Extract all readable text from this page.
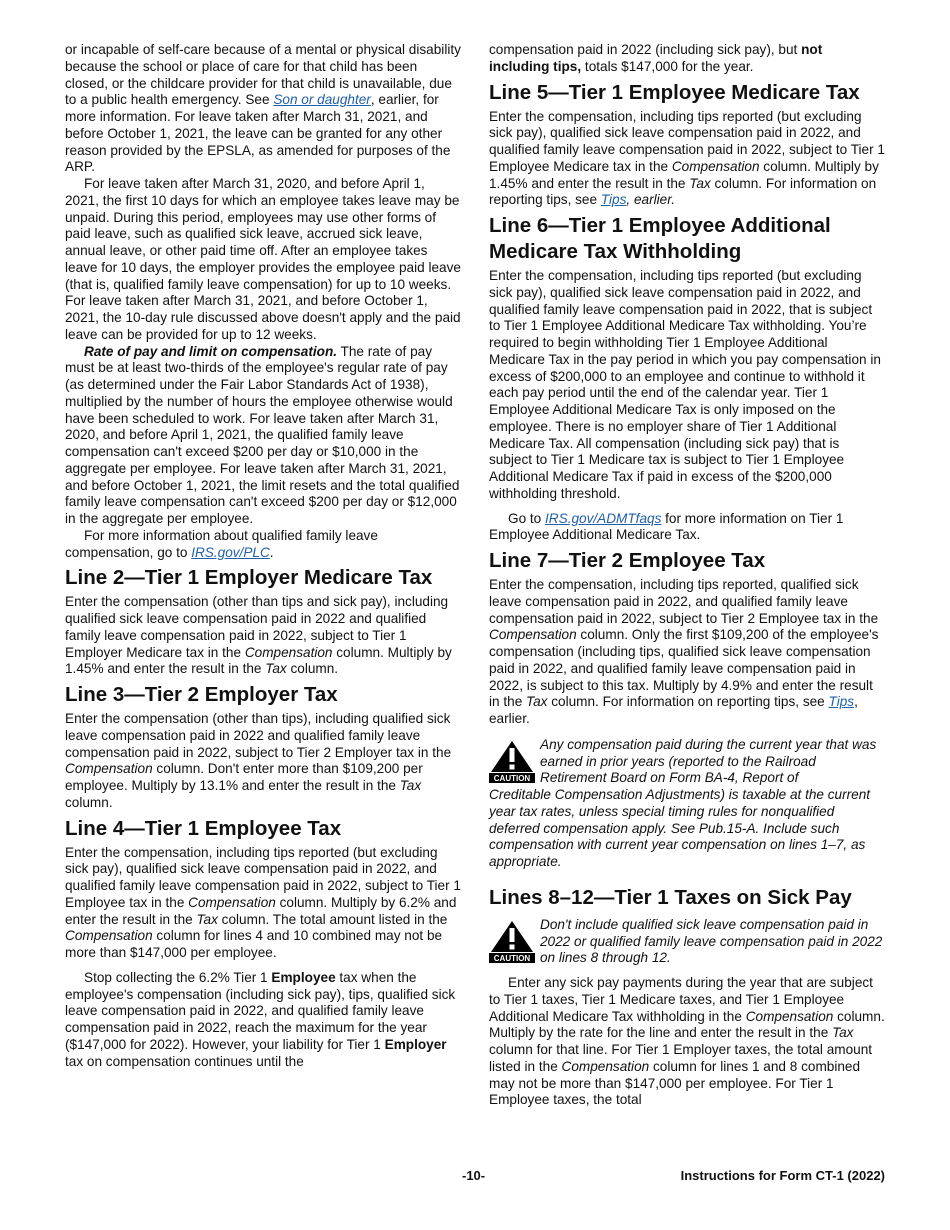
or incapable of self-care because of a mental or physical disability because the school or place of care for that child has been closed, or the childcare provider for that child is unavailable, due to a public health emergency. See Son or daughter, earlier, for more information. For leave taken after March 31, 2021, and before October 1, 2021, the leave can be granted for any other reason provided by the EPSLA, as amended for purposes of the ARP.

For leave taken after March 31, 2020, and before April 1, 2021, the first 10 days for which an employee takes leave may be unpaid. During this period, employees may use other forms of paid leave, such as qualified sick leave, accrued sick leave, annual leave, or other paid time off. After an employee takes leave for 10 days, the employer provides the employee paid leave (that is, qualified family leave compensation) for up to 10 weeks. For leave taken after March 31, 2021, and before October 1, 2021, the 10-day rule discussed above doesn't apply and the paid leave can be provided for up to 12 weeks.

Rate of pay and limit on compensation. The rate of pay must be at least two-thirds of the employee's regular rate of pay (as determined under the Fair Labor Standards Act of 1938), multiplied by the number of hours the employee otherwise would have been scheduled to work. For leave taken after March 31, 2020, and before April 1, 2021, the qualified family leave compensation can't exceed $200 per day or $10,000 in the aggregate per employee. For leave taken after March 31, 2021, and before October 1, 2021, the limit resets and the total qualified family leave compensation can't exceed $200 per day or $12,000 in the aggregate per employee.

For more information about qualified family leave compensation, go to IRS.gov/PLC.

Line 2—Tier 1 Employer Medicare Tax

Enter the compensation (other than tips and sick pay), including qualified sick leave compensation paid in 2022 and qualified family leave compensation paid in 2022, subject to Tier 1 Employer Medicare tax in the Compensation column. Multiply by 1.45% and enter the result in the Tax column.

Line 3—Tier 2 Employer Tax

Enter the compensation (other than tips), including qualified sick leave compensation paid in 2022 and qualified family leave compensation paid in 2022, subject to Tier 2 Employer tax in the Compensation column. Don't enter more than $109,200 per employee. Multiply by 13.1% and enter the result in the Tax column.

Line 4—Tier 1 Employee Tax

Enter the compensation, including tips reported (but excluding sick pay), qualified sick leave compensation paid in 2022, and qualified family leave compensation paid in 2022, subject to Tier 1 Employee tax in the Compensation column. Multiply by 6.2% and enter the result in the Tax column. The total amount listed in the Compensation column for lines 4 and 10 combined may not be more than $147,000 per employee.

Stop collecting the 6.2% Tier 1 Employee tax when the employee's compensation (including sick pay), tips, qualified sick leave compensation paid in 2022, and qualified family leave compensation paid in 2022, reach the maximum for the year ($147,000 for 2022). However, your liability for Tier 1 Employer tax on compensation continues until the

compensation paid in 2022 (including sick pay), but not including tips, totals $147,000 for the year.

Line 5—Tier 1 Employee Medicare Tax

Enter the compensation, including tips reported (but excluding sick pay), qualified sick leave compensation paid in 2022, and qualified family leave compensation paid in 2022, subject to Tier 1 Employee Medicare tax in the Compensation column. Multiply by 1.45% and enter the result in the Tax column. For information on reporting tips, see Tips, earlier.

Line 6—Tier 1 Employee Additional Medicare Tax Withholding

Enter the compensation, including tips reported (but excluding sick pay), qualified sick leave compensation paid in 2022, and qualified family leave compensation paid in 2022, that is subject to Tier 1 Employee Additional Medicare Tax withholding. You’re required to begin withholding Tier 1 Employee Additional Medicare Tax in the pay period in which you pay compensation in excess of $200,000 to an employee and continue to withhold it each pay period until the end of the calendar year. Tier 1 Employee Additional Medicare Tax is only imposed on the employee. There is no employer share of Tier 1 Additional Medicare Tax. All compensation (including sick pay) that is subject to Tier 1 Medicare tax is subject to Tier 1 Employee Additional Medicare Tax if paid in excess of the $200,000 withholding threshold.

Go to IRS.gov/ADMTfaqs for more information on Tier 1 Employee Additional Medicare Tax.

Line 7—Tier 2 Employee Tax

Enter the compensation, including tips reported, qualified sick leave compensation paid in 2022, and qualified family leave compensation paid in 2022, subject to Tier 2 Employee tax in the Compensation column. Only the first $109,200 of the employee's compensation (including tips, qualified sick leave compensation paid in 2022, and qualified family leave compensation paid in 2022, is subject to this tax. Multiply by 4.9% and enter the result in the Tax column. For information on reporting tips, see Tips, earlier.

CAUTION
Any compensation paid during the current year that was earned in prior years (reported to the Railroad Retirement Board on Form BA-4, Report of

Creditable Compensation Adjustments) is taxable at the current year tax rates, unless special timing rules for nonqualified deferred compensation apply. See Pub.15-A. Include such compensation with current year compensation on lines 1–7, as appropriate.

Lines 8–12—Tier 1 Taxes on Sick Pay
CAUTION
Don't include qualified sick leave compensation paid in 2022 or qualified family leave compensation paid in 2022 on lines 8 through 12.

Enter any sick pay payments during the year that are subject to Tier 1 taxes, Tier 1 Medicare taxes, and Tier 1 Employee Additional Medicare Tax withholding in the Compensation column. Multiply by the rate for the line and enter the result in the Tax column for that line. For Tier 1 Employer taxes, the total amount listed in the Compensation column for lines 1 and 8 combined may not be more than $147,000 per employee. For Tier 1 Employee taxes, the total

-10-	Instructions for Form CT-1 (2022)
